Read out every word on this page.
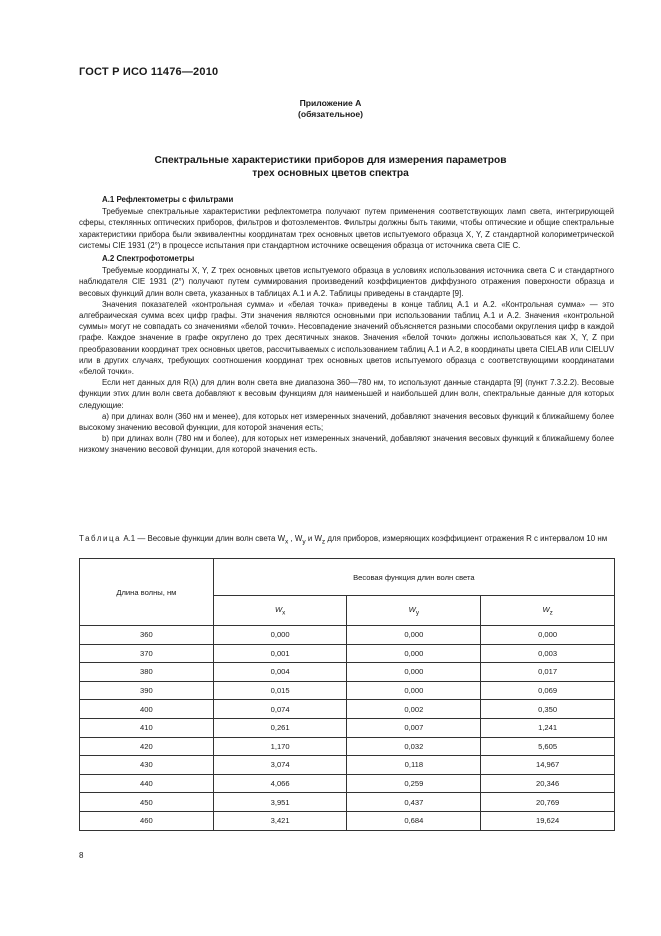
ГОСТ Р ИСО 11476—2010
Приложение А
(обязательное)
Спектральные характеристики приборов для измерения параметров
трех основных цветов спектра

А.1 Рефлектометры с фильтрами

Требуемые спектральные характеристики рефлектометра получают путем применения соответствующих ламп света, интегрирующей сферы, стеклянных оптических приборов, фильтров и фотоэлементов. Фильтры должны быть такими, чтобы оптические и общие спектральные характеристики прибора были эквивалентны координатам трех основных цветов испытуемого образца X, Y, Z стандартной колориметрической системы CIE 1931 (2°) в процессе испытания при стандартном источнике освещения образца от источника света CIE C.

А.2 Спектрофотометры

Требуемые координаты X, Y, Z трех основных цветов испытуемого образца в условиях использования источника света C и стандартного наблюдателя CIE 1931 (2°) получают путем суммирования произведений коэффициентов диффузного отражения поверхности образца и весовых функций длин волн света, указанных в таблицах А.1 и А.2. Таблицы приведены в стандарте [9].

Значения показателей «контрольная сумма» и «белая точка» приведены в конце таблиц А.1 и А.2. «Контрольная сумма» — это алгебраическая сумма всех цифр графы. Эти значения являются основными при использовании таблиц А.1 и А.2. Значения «контрольной суммы» могут не совпадать со значениями «белой точки». Несовпадение значений объясняется разными способами округления цифр в каждой графе. Каждое значение в графе округлено до трех десятичных знаков. Значения «белой точки» должны использоваться как X, Y, Z при преобразовании координат трех основных цветов, рассчитываемых с использованием таблиц А.1 и А.2, в координаты цвета CIELAB или CIELUV или в других случаях, требующих соотношения координат трех основных цветов испытуемого образца с соответствующими координатами «белой точки».

Если нет данных для R(λ) для длин волн света вне диапазона 360—780 нм, то используют данные стандарта [9] (пункт 7.3.2.2). Весовые функции этих длин волн света добавляют к весовым функциям для наименьшей и наибольшей длин волн, спектральные данные для которых следующие:

а) при длинах волн (360 нм и менее), для которых нет измеренных значений, добавляют значения весовых функций к ближайшему более высокому значению весовой функции, для которой значения есть;

b) при длинах волн (780 нм и более), для которых нет измеренных значений, добавляют значения весовых функций к ближайшему более низкому значению весовой функции, для которой значения есть.

Таблица А.1 — Весовые функции длин волн света $W_x$ , $W_y$ и $W_z$ для приборов, измеряющих коэффициент отражения R с интервалом 10 нм
Длина волны, нм	Весовая функция длин волн света		
	$W_x$	$W_y$	$W_z$
360	0,000	0,000	0,000
370	0,001	0,000	0,003
380	0,004	0,000	0,017
390	0,015	0,000	0,069
400	0,074	0,002	0,350
410	0,261	0,007	1,241
420	1,170	0,032	5,605
430	3,074	0,118	14,967
440	4,066	0,259	20,346
450	3,951	0,437	20,769
460	3,421	0,684	19,624
8
